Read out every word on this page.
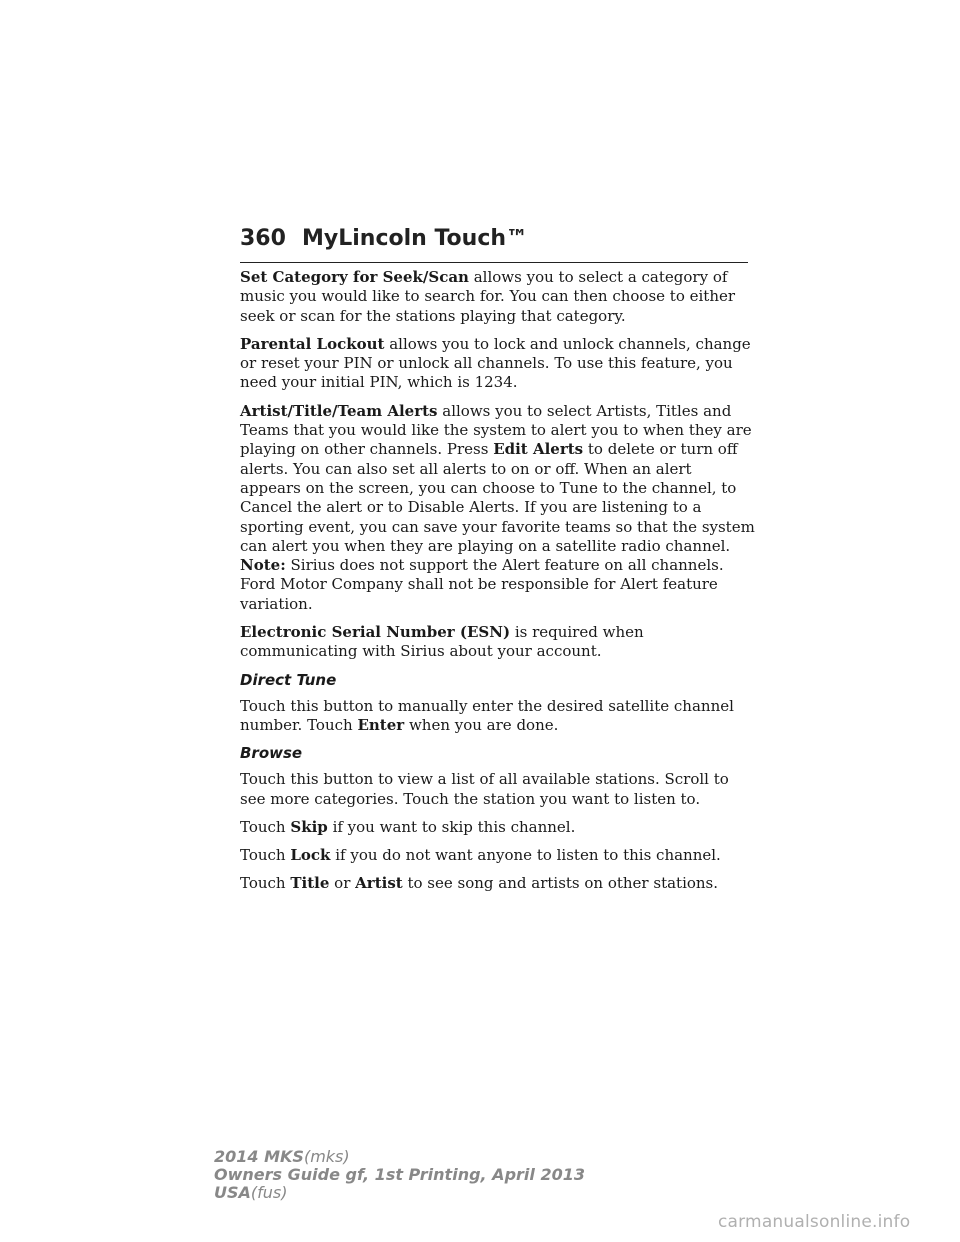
360 MyLincoln Touch™

Set Category for Seek/Scan allows you to select a category of music you would like to search for. You can then choose to either seek or scan for the stations playing that category.

Parental Lockout allows you to lock and unlock channels, change or reset your PIN or unlock all channels. To use this feature, you need your initial PIN, which is 1234.

Artist/Title/Team Alerts allows you to select Artists, Titles and Teams that you would like the system to alert you to when they are playing on other channels. Press Edit Alerts to delete or turn off alerts. You can also set all alerts to on or off. When an alert appears on the screen, you can choose to Tune to the channel, to Cancel the alert or to Disable Alerts. If you are listening to a sporting event, you can save your favorite teams so that the system can alert you when they are playing on a satellite radio channel.

Note: Sirius does not support the Alert feature on all channels. Ford Motor Company shall not be responsible for Alert feature variation.

Electronic Serial Number (ESN) is required when communicating with Sirius about your account.

Direct Tune

Touch this button to manually enter the desired satellite channel number. Touch Enter when you are done.

Browse

Touch this button to view a list of all available stations. Scroll to see more categories. Touch the station you want to listen to.

Touch Skip if you want to skip this channel.

Touch Lock if you do not want anyone to listen to this channel.

Touch Title or Artist to see song and artists on other stations.

2014 MKS(mks)
Owners Guide gf, 1st Printing, April 2013
USA(fus)
carmanualsonline.info
